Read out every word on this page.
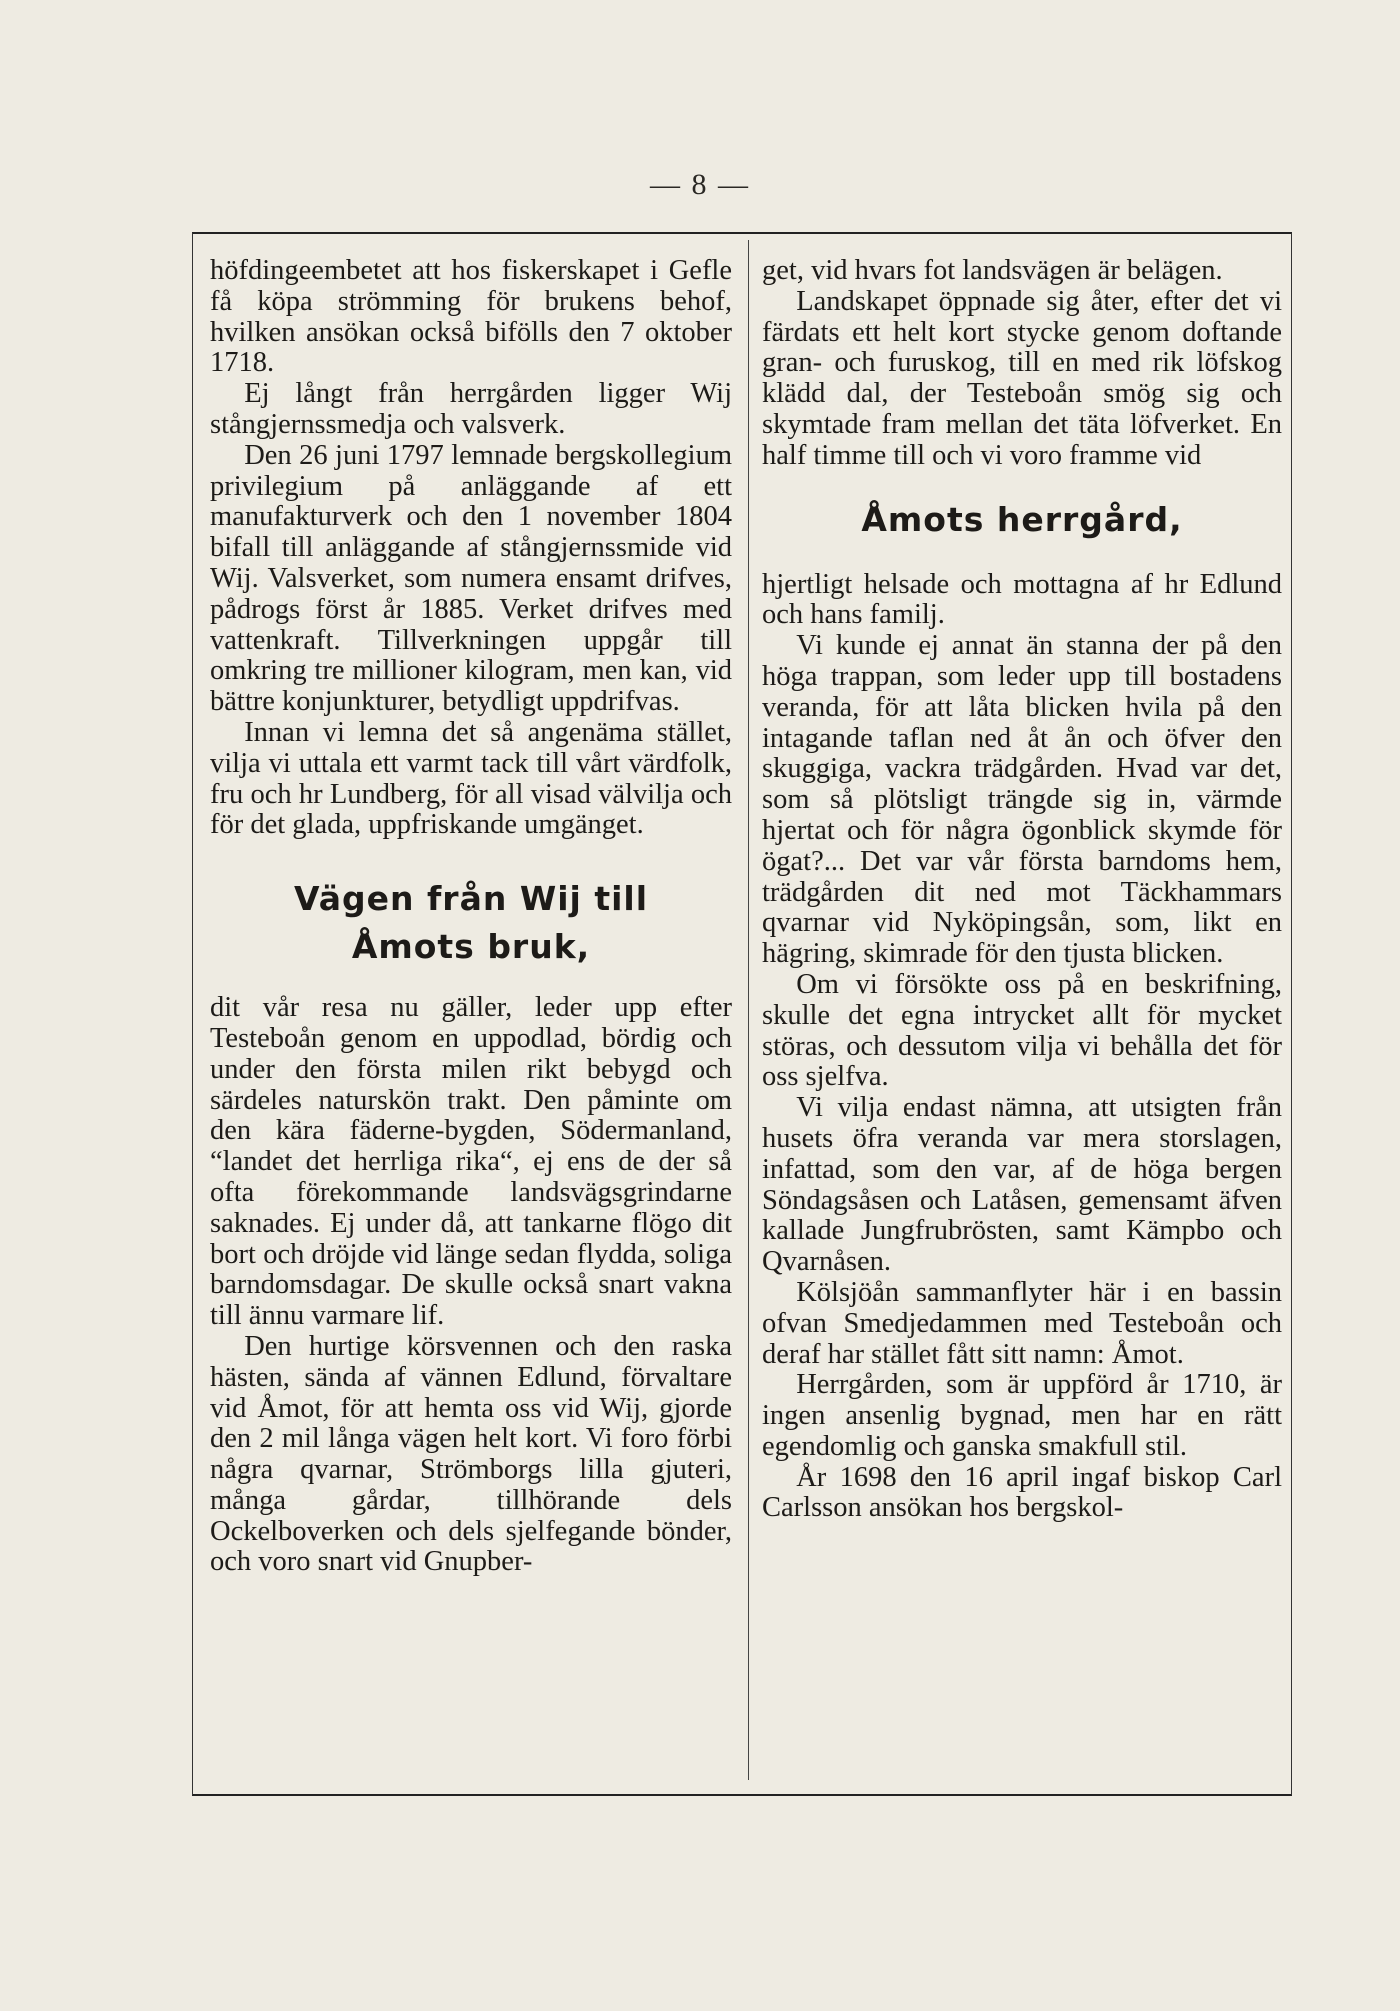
— 8 —

höfdingeembetet att hos fiskerskapet i Gefle få köpa strömming för brukens behof, hvilken ansökan också bifölls den 7 oktober 1718.

Ej långt från herrgården ligger Wij stångjernssmedja och valsverk.

Den 26 juni 1797 lemnade bergskollegium privilegium på anläggande af ett manufakturverk och den 1 november 1804 bifall till anläggande af stångjernssmide vid Wij. Valsverket, som numera ensamt drifves, pådrogs först år 1885. Verket drifves med vattenkraft. Tillverkningen uppgår till omkring tre millioner kilogram, men kan, vid bättre konjunkturer, betydligt uppdrifvas.

Innan vi lemna det så angenäma stället, vilja vi uttala ett varmt tack till vårt värdfolk, fru och hr Lundberg, för all visad välvilja och för det glada, uppfriskande umgänget.

Vägen från Wij till
Åmots bruk,

dit vår resa nu gäller, leder upp efter Testeboån genom en uppodlad, bördig och under den första milen rikt bebygd och särdeles naturskön trakt. Den påminte om den kära fäderne-bygden, Södermanland, “landet det herrliga rika“, ej ens de der så ofta förekommande landsvägsgrindarne saknades. Ej under då, att tankarne flögo dit bort och dröjde vid länge sedan flydda, soliga barndomsdagar. De skulle också snart vakna till ännu varmare lif.

Den hurtige körsvennen och den raska hästen, sända af vännen Edlund, förvaltare vid Åmot, för att hemta oss vid Wij, gjorde den 2 mil långa vägen helt kort. Vi foro förbi några qvarnar, Strömborgs lilla gjuteri, många gårdar, tillhörande dels Ockelboverken och dels sjelfegande bönder, och voro snart vid Gnupber-

get, vid hvars fot landsvägen är belägen.

Landskapet öppnade sig åter, efter det vi färdats ett helt kort stycke genom doftande gran- och furuskog, till en med rik löfskog klädd dal, der Testeboån smög sig och skymtade fram mellan det täta löfverket. En half timme till och vi voro framme vid

Åmots herrgård,

hjertligt helsade och mottagna af hr Edlund och hans familj.

Vi kunde ej annat än stanna der på den höga trappan, som leder upp till bostadens veranda, för att låta blicken hvila på den intagande taflan ned åt ån och öfver den skuggiga, vackra trädgården. Hvad var det, som så plötsligt trängde sig in, värmde hjertat och för några ögonblick skymde för ögat?... Det var vår första barndoms hem, trädgården dit ned mot Täckhammars qvarnar vid Nyköpingsån, som, likt en hägring, skimrade för den tjusta blicken.

Om vi försökte oss på en beskrifning, skulle det egna intrycket allt för mycket störas, och dessutom vilja vi behålla det för oss sjelfva.

Vi vilja endast nämna, att utsigten från husets öfra veranda var mera storslagen, infattad, som den var, af de höga bergen Söndagsåsen och Latåsen, gemensamt äfven kallade Jungfrubrösten, samt Kämpbo och Qvarnåsen.

Kölsjöån sammanflyter här i en bassin ofvan Smedjedammen med Testeboån och deraf har stället fått sitt namn: Åmot.

Herrgården, som är uppförd år 1710, är ingen ansenlig bygnad, men har en rätt egendomlig och ganska smakfull stil.

År 1698 den 16 april ingaf biskop Carl Carlsson ansökan hos bergskol-
